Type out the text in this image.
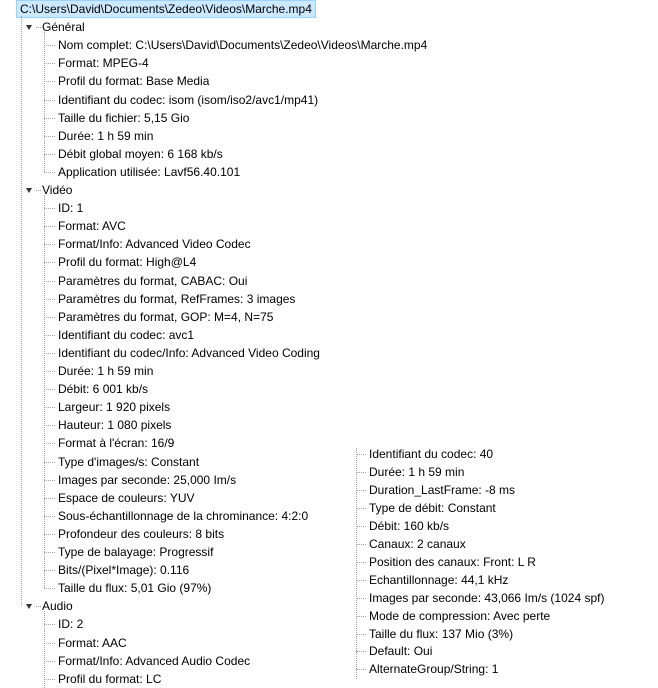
C:\Users\David\Documents\Zedeo\Videos\Marche.mp4
Général
Nom complet: C:\Users\David\Documents\Zedeo\Videos\Marche.mp4
Format: MPEG-4
Profil du format: Base Media
Identifiant du codec: isom (isom/iso2/avc1/mp41)
Taille du fichier: 5,15 Gio
Durée: 1 h 59 min
Débit global moyen: 6 168 kb/s
Application utilisée: Lavf56.40.101
Vidéo
ID: 1
Format: AVC
Format/Info: Advanced Video Codec
Profil du format: High@L4
Paramètres du format, CABAC: Oui
Paramètres du format, RefFrames: 3 images
Paramètres du format, GOP: M=4, N=75
Identifiant du codec: avc1
Identifiant du codec/Info: Advanced Video Coding
Durée: 1 h 59 min
Débit: 6 001 kb/s
Largeur: 1 920 pixels
Hauteur: 1 080 pixels
Format à l'écran: 16/9
Type d'images/s: Constant
Images par seconde: 25,000 Im/s
Espace de couleurs: YUV
Sous-échantillonnage de la chrominance: 4:2:0
Profondeur des couleurs: 8 bits
Type de balayage: Progressif
Bits/(Pixel*Image): 0.116
Taille du flux: 5,01 Gio (97%)
Audio
ID: 2
Format: AAC
Format/Info: Advanced Audio Codec
Profil du format: LC
Identifiant du codec: 40
Durée: 1 h 59 min
Duration_LastFrame: -8 ms
Type de débit: Constant
Débit: 160 kb/s
Canaux: 2 canaux
Position des canaux: Front: L R
Echantillonnage: 44,1 kHz
Images par seconde: 43,066 Im/s (1024 spf)
Mode de compression: Avec perte
Taille du flux: 137 Mio (3%)
Default: Oui
AlternateGroup/String: 1
